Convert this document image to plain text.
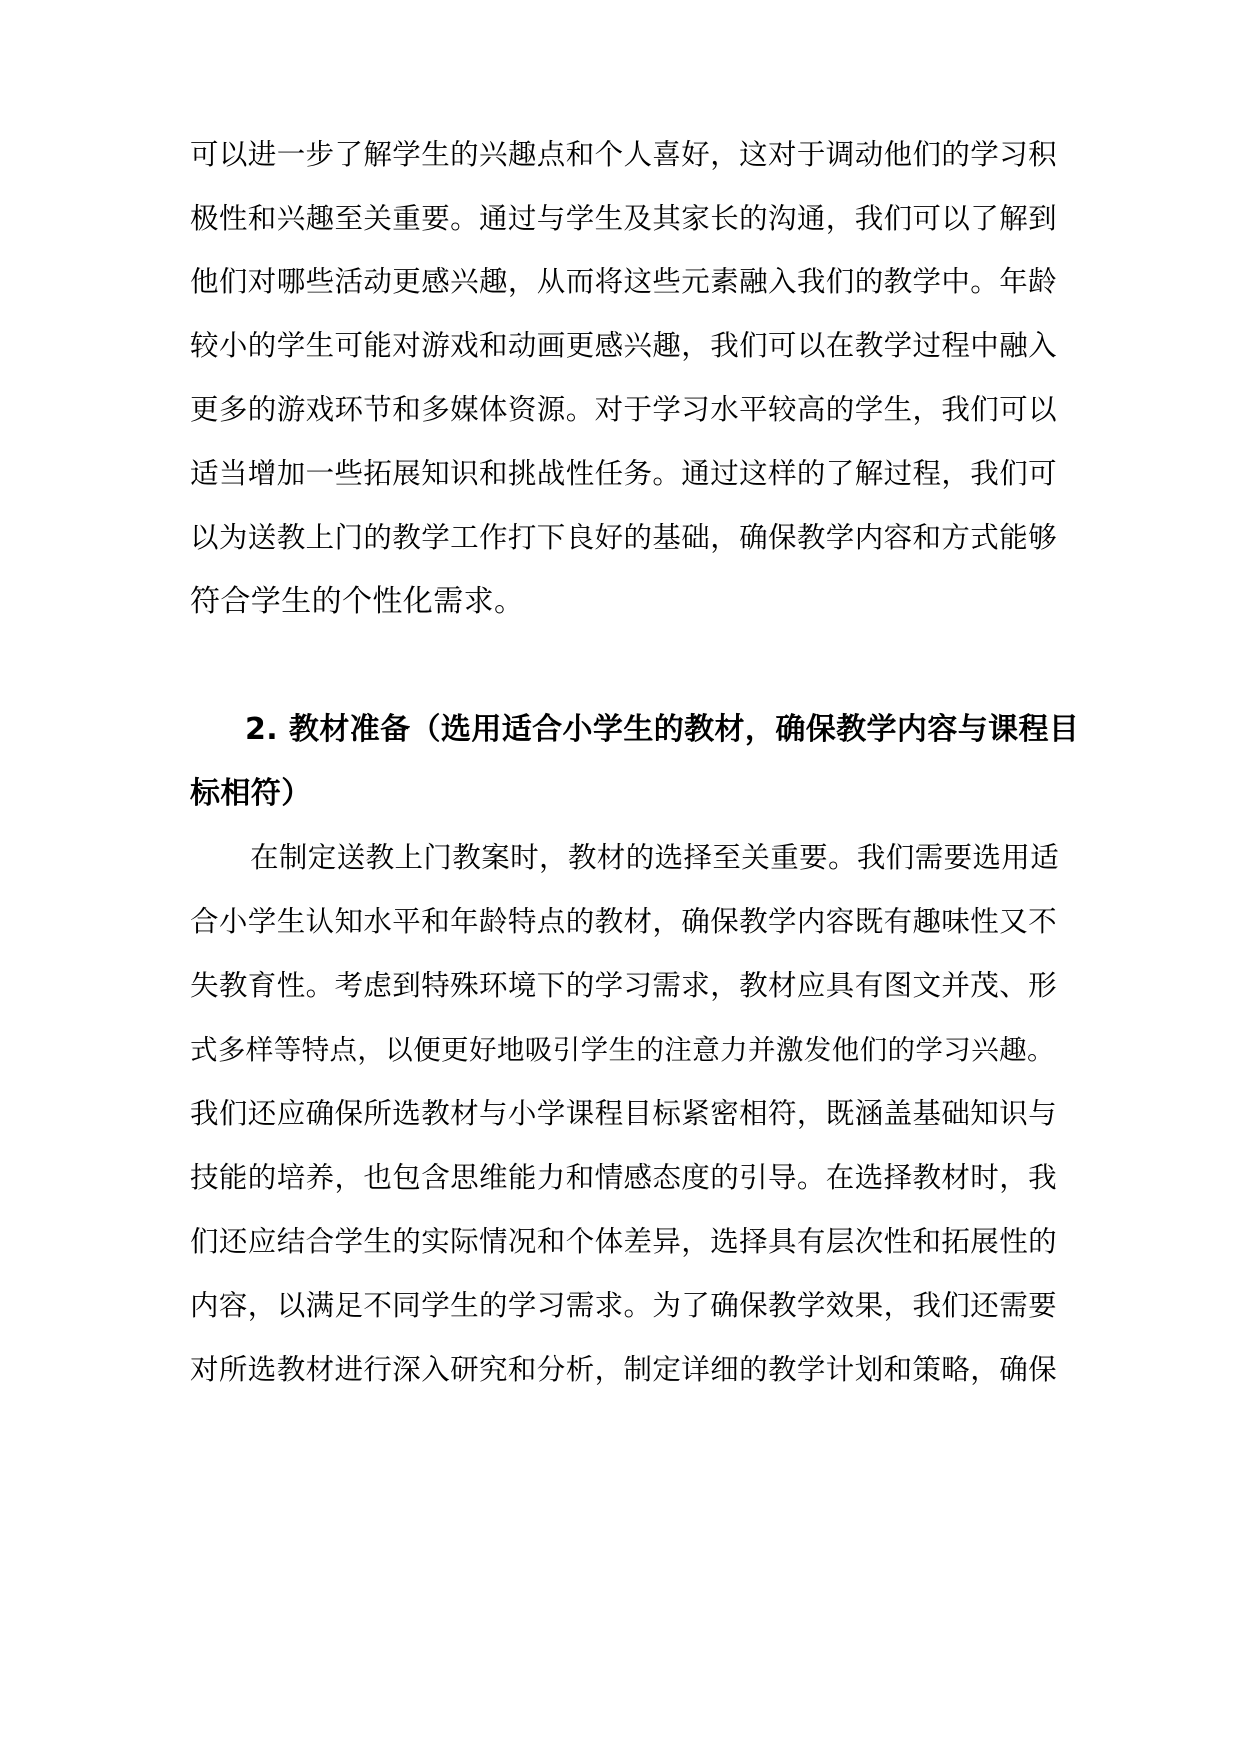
可以进一步了解学生的兴趣点和个人喜好，这对于调动他们的学习积
极性和兴趣至关重要。通过与学生及其家长的沟通，我们可以了解到
他们对哪些活动更感兴趣，从而将这些元素融入我们的教学中。年龄
较小的学生可能对游戏和动画更感兴趣，我们可以在教学过程中融入
更多的游戏环节和多媒体资源。对于学习水平较高的学生，我们可以
适当增加一些拓展知识和挑战性任务。通过这样的了解过程，我们可
以为送教上门的教学工作打下良好的基础，确保教学内容和方式能够
符合学生的个性化需求。
2. 教材准备（选用适合小学生的教材，确保教学内容与课程目
标相符）
在制定送教上门教案时，教材的选择至关重要。我们需要选用适
合小学生认知水平和年龄特点的教材，确保教学内容既有趣味性又不
失教育性。考虑到特殊环境下的学习需求，教材应具有图文并茂、形
式多样等特点，以便更好地吸引学生的注意力并激发他们的学习兴趣。
我们还应确保所选教材与小学课程目标紧密相符，既涵盖基础知识与
技能的培养，也包含思维能力和情感态度的引导。在选择教材时，我
们还应结合学生的实际情况和个体差异，选择具有层次性和拓展性的
内容，以满足不同学生的学习需求。为了确保教学效果，我们还需要
对所选教材进行深入研究和分析，制定详细的教学计划和策略，确保
